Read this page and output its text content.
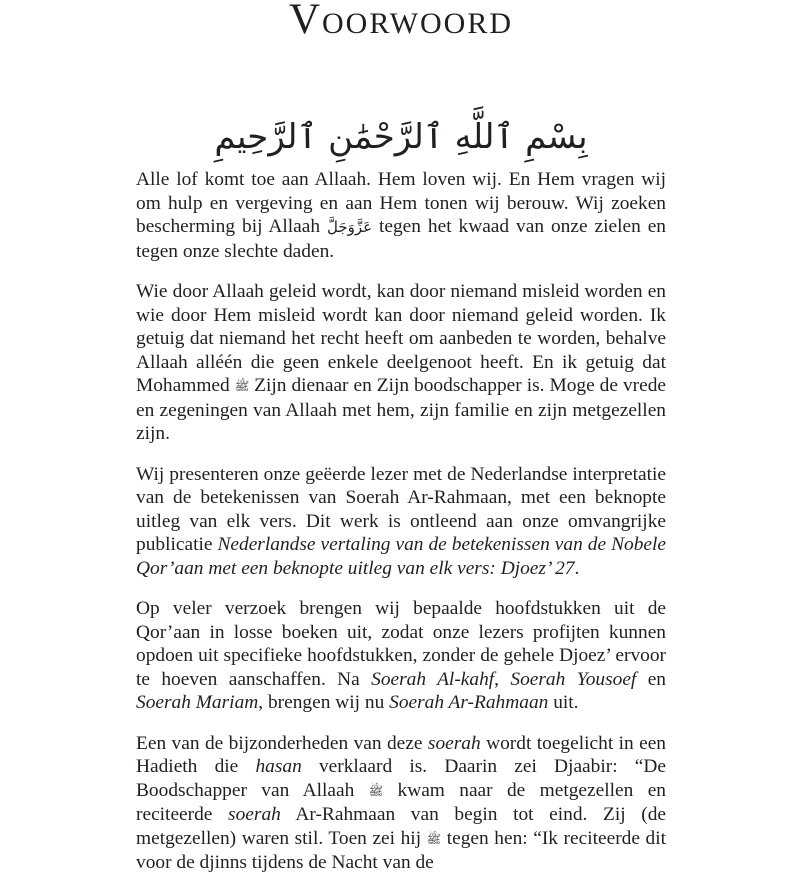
Voorwoord
بِسْمِ ٱللَّهِ ٱلرَّحْمَٰنِ ٱلرَّحِيمِ

Alle lof komt toe aan Allaah. Hem loven wij. En Hem vragen wij om hulp en vergeving en aan Hem tonen wij berouw. Wij zoeken bescherming bij Allaah عَزَّوَجَلَّ tegen het kwaad van onze zielen en tegen onze slechte daden.

Wie door Allaah geleid wordt, kan door niemand misleid worden en wie door Hem misleid wordt kan door niemand geleid worden. Ik getuig dat niemand het recht heeft om aanbeden te worden, behalve Allaah alléén die geen enkele deelgenoot heeft. En ik getuig dat Mohammed ﷺ Zijn dienaar en Zijn boodschapper is. Moge de vrede en zegeningen van Allaah met hem, zijn familie en zijn metgezellen zijn.

Wij presenteren onze geëerde lezer met de Nederlandse interpretatie van de betekenissen van Soerah Ar-Rahmaan, met een beknopte uitleg van elk vers. Dit werk is ontleend aan onze omvangrijke publicatie Nederlandse vertaling van de betekenissen van de Nobele Qor’aan met een beknopte uitleg van elk vers: Djoez’ 27.

Op veler verzoek brengen wij bepaalde hoofdstukken uit de Qor’aan in losse boeken uit, zodat onze lezers profijten kunnen opdoen uit specifieke hoofdstukken, zonder de gehele Djoez’ ervoor te hoeven aanschaffen. Na Soerah Al-kahf, Soerah Yousoef en Soerah Mariam, brengen wij nu Soerah Ar-Rahmaan uit.

Een van de bijzonderheden van deze soerah wordt toegelicht in een Hadieth die hasan verklaard is. Daarin zei Djaabir: “De Boodschapper van Allaah ﷺ kwam naar de metgezellen en reciteerde soerah Ar-Rahmaan van begin tot eind. Zij (de metgezellen) waren stil. Toen zei hij ﷺ tegen hen: “Ik reciteerde dit voor de djinns tijdens de Nacht van de
